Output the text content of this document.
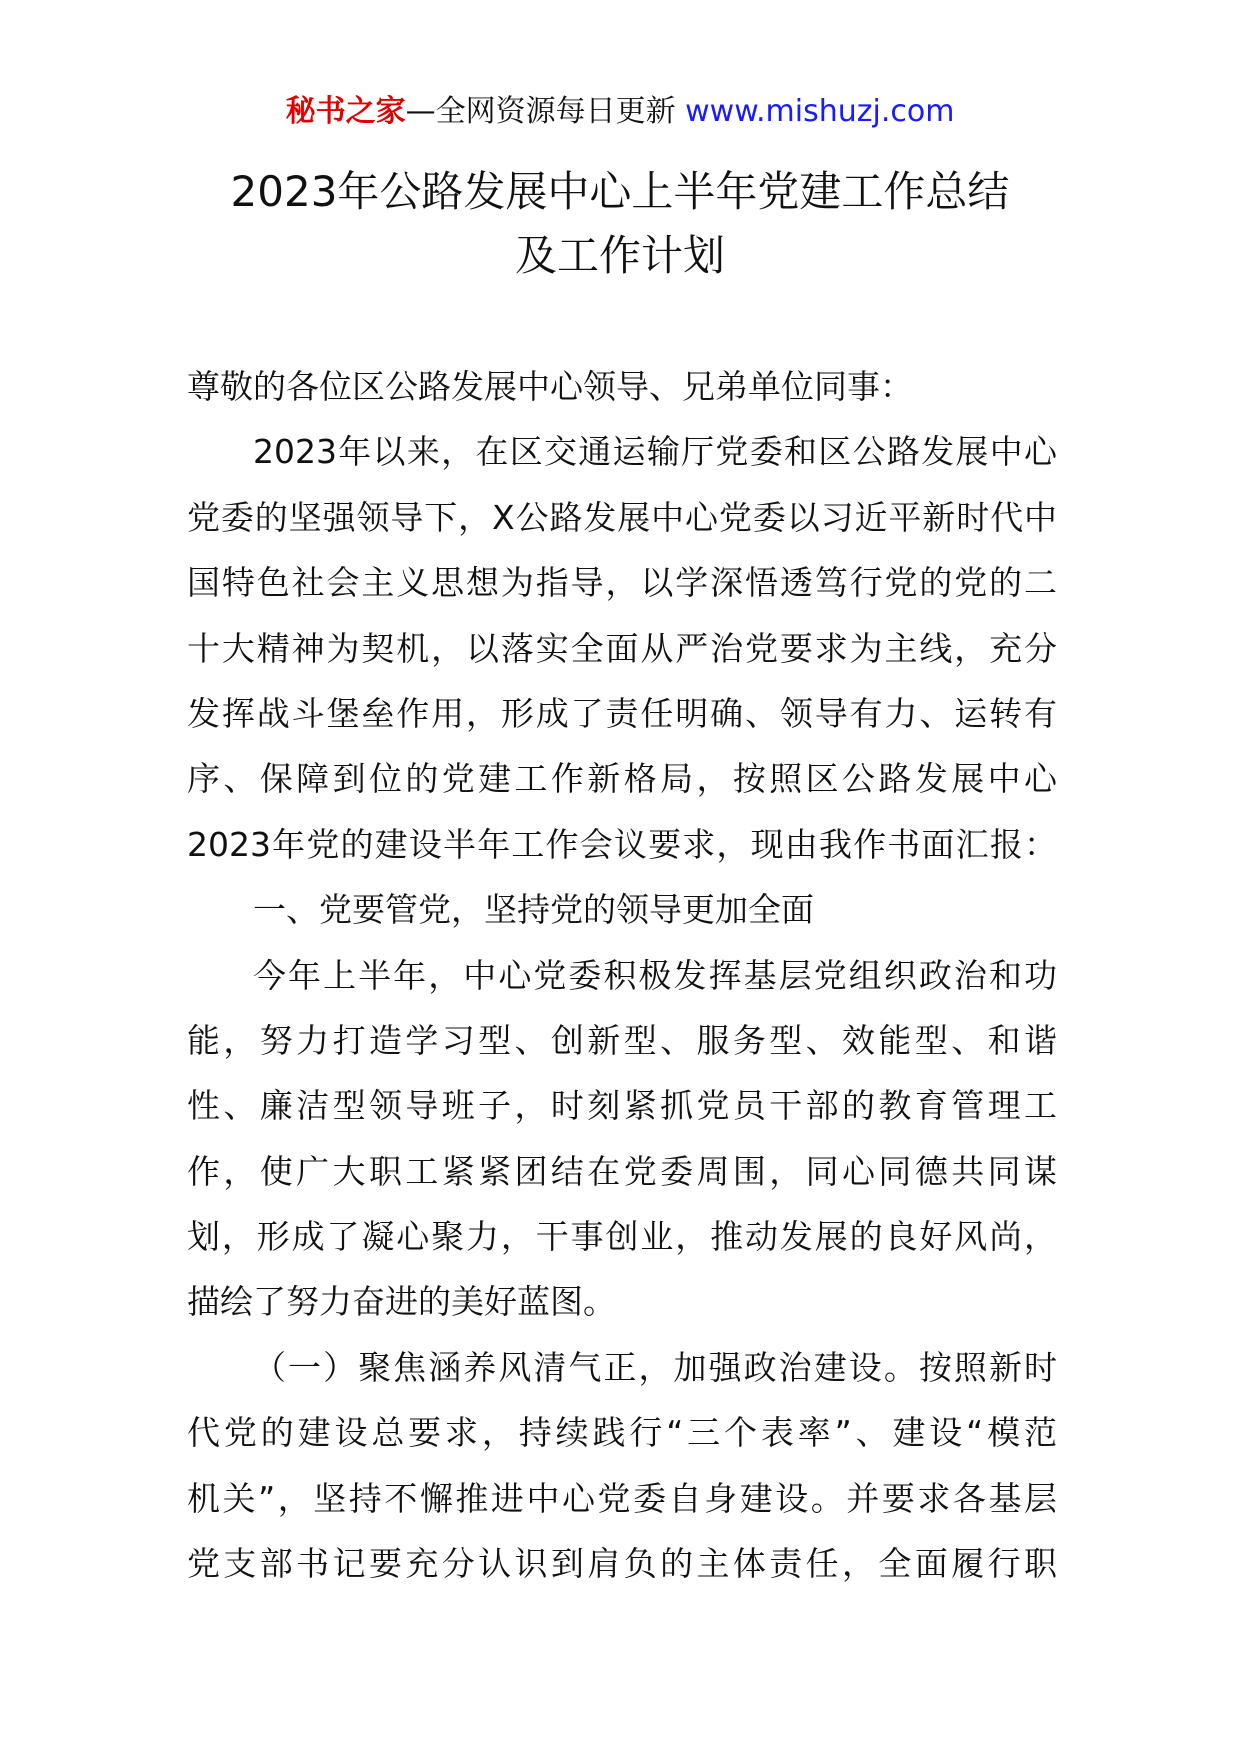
秘书之家—全网资源每日更新 www.mishuzj.com
2023年公路发展中心上半年党建工作总结
及工作计划
尊敬的各位区公路发展中心领导、兄弟单位同事：
2023年以来，在区交通运输厅党委和区公路发展中心
党委的坚强领导下，X公路发展中心党委以习近平新时代中
国特色社会主义思想为指导，以学深悟透笃行党的党的二
十大精神为契机，以落实全面从严治党要求为主线，充分
发挥战斗堡垒作用，形成了责任明确、领导有力、运转有
序、保障到位的党建工作新格局，按照区公路发展中心
2023年党的建设半年工作会议要求，现由我作书面汇报：
一、党要管党，坚持党的领导更加全面
今年上半年，中心党委积极发挥基层党组织政治和功
能，努力打造学习型、创新型、服务型、效能型、和谐
性、廉洁型领导班子，时刻紧抓党员干部的教育管理工
作，使广大职工紧紧团结在党委周围，同心同德共同谋
划，形成了凝心聚力，干事创业，推动发展的良好风尚，
描绘了努力奋进的美好蓝图。
（一）聚焦涵养风清气正，加强政治建设。按照新时
代党的建设总要求，持续践行“三个表率”、建设“模范
机关”，坚持不懈推进中心党委自身建设。并要求各基层
党支部书记要充分认识到肩负的主体责任，全面履行职
